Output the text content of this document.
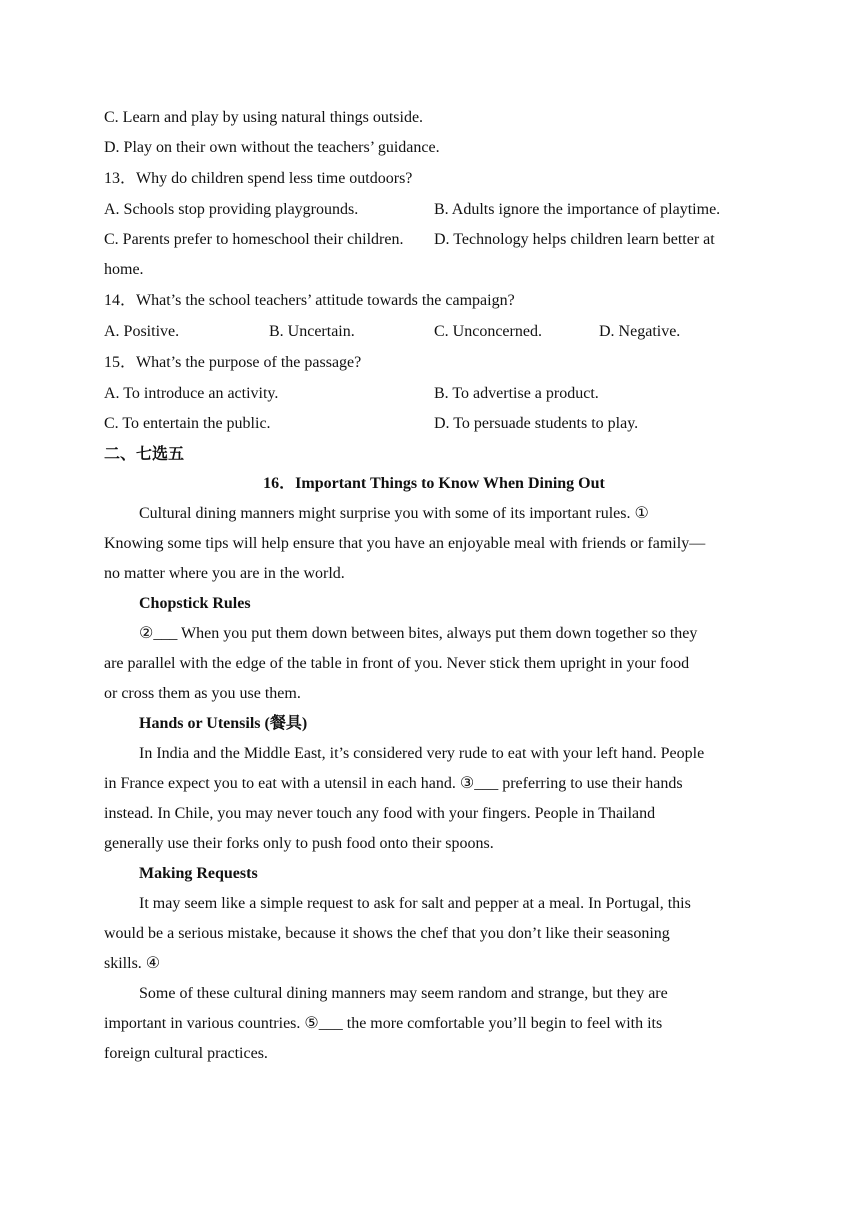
C. Learn and play by using natural things outside.
D. Play on their own without the teachers’ guidance.
13．Why do children spend less time outdoors?
A. Schools stop providing playgrounds.	B. Adults ignore the importance of playtime.
C. Parents prefer to homeschool their children.	D. Technology helps children learn better at
home.
14．What’s the school teachers’ attitude towards the campaign?
A. Positive.	B. Uncertain.	C. Unconcerned.	D. Negative.
15．What’s the purpose of the passage?
A. To introduce an activity.	B. To advertise a product.
C. To entertain the public.	D. To persuade students to play.
二、七选五
16．Important Things to Know When Dining Out
Cultural dining manners might surprise you with some of its important rules. ①
Knowing some tips will help ensure that you have an enjoyable meal with friends or family—
no matter where you are in the world.
Chopstick Rules
②___ When you put them down between bites, always put them down together so they
are parallel with the edge of the table in front of you. Never stick them upright in your food
or cross them as you use them.
Hands or Utensils (餐具)
In India and the Middle East, it’s considered very rude to eat with your left hand. People
in France expect you to eat with a utensil in each hand. ③___ preferring to use their hands
instead. In Chile, you may never touch any food with your fingers. People in Thailand
generally use their forks only to push food onto their spoons.
Making Requests
It may seem like a simple request to ask for salt and pepper at a meal. In Portugal, this
would be a serious mistake, because it shows the chef that you don’t like their seasoning
skills. ④
Some of these cultural dining manners may seem random and strange, but they are
important in various countries. ⑤___ the more comfortable you’ll begin to feel with its
foreign cultural practices.
